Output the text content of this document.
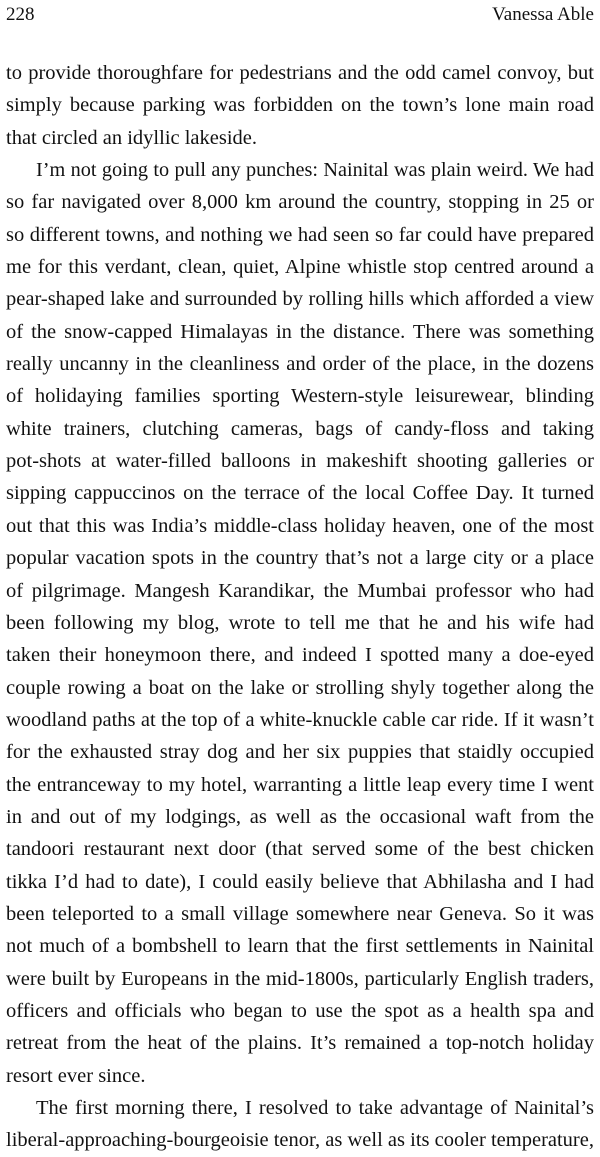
228	Vanessa Able
to provide thoroughfare for pedestrians and the odd camel convoy, but
simply because parking was forbidden on the town’s lone main road
that circled an idyllic lakeside.
I’m not going to pull any punches: Nainital was plain weird. We had
so far navigated over 8,000 km around the country, stopping in 25 or
so different towns, and nothing we had seen so far could have prepared
me for this verdant, clean, quiet, Alpine whistle stop centred around a
pear-shaped lake and surrounded by rolling hills which afforded a view
of the snow-capped Himalayas in the distance. There was something
really uncanny in the cleanliness and order of the place, in the dozens
of holidaying families sporting Western-style leisurewear, blinding
white trainers, clutching cameras, bags of candy-floss and taking
pot-shots at water-filled balloons in makeshift shooting galleries or
sipping cappuccinos on the terrace of the local Coffee Day. It turned
out that this was India’s middle-class holiday heaven, one of the most
popular vacation spots in the country that’s not a large city or a place
of pilgrimage. Mangesh Karandikar, the Mumbai professor who had
been following my blog, wrote to tell me that he and his wife had
taken their honeymoon there, and indeed I spotted many a doe-eyed
couple rowing a boat on the lake or strolling shyly together along the
woodland paths at the top of a white-knuckle cable car ride. If it wasn’t
for the exhausted stray dog and her six puppies that staidly occupied
the entranceway to my hotel, warranting a little leap every time I went
in and out of my lodgings, as well as the occasional waft from the
tandoori restaurant next door (that served some of the best chicken
tikka I’d had to date), I could easily believe that Abhilasha and I had
been teleported to a small village somewhere near Geneva. So it was
not much of a bombshell to learn that the first settlements in Nainital
were built by Europeans in the mid-1800s, particularly English traders,
officers and officials who began to use the spot as a health spa and
retreat from the heat of the plains. It’s remained a top-notch holiday
resort ever since.
The first morning there, I resolved to take advantage of Nainital’s
liberal-approaching-bourgeoisie tenor, as well as its cooler temperature,
